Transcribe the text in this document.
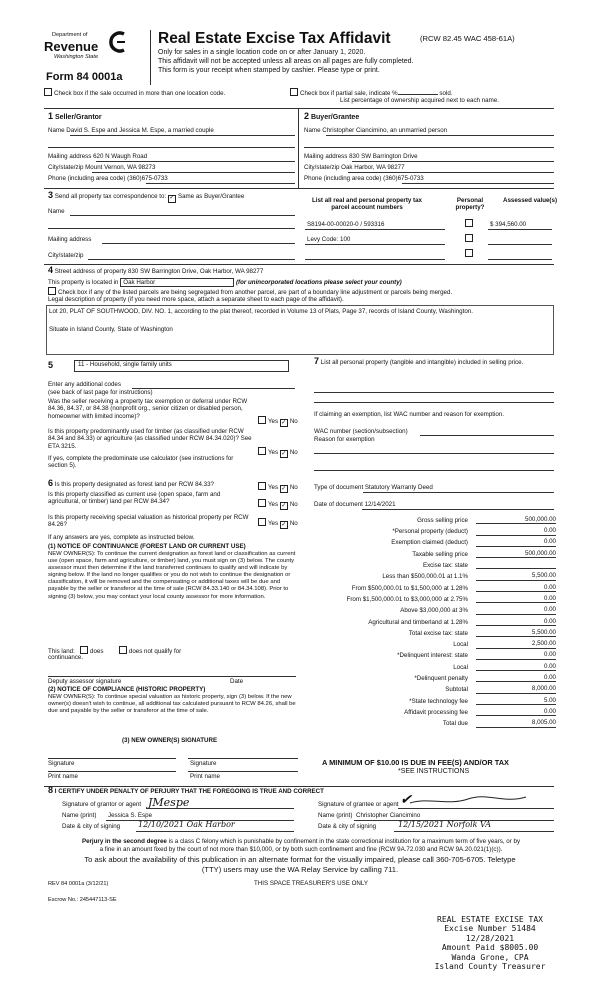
Department of
Revenue
Washington State
Form 84 0001a
Real Estate Excise Tax Affidavit	(RCW 82.45 WAC 458-61A)
Only for sales in a single location code on or after January 1, 2020.
This affidavit will not be accepted unless all areas on all pages are fully completed.
This form is your receipt when stamped by cashier. Please type or print.
Check box if the sale occurred in more than one location code.	Check box if partial sale, indicate %	sold.
List percentage of ownership acquired next to each name.
1 Seller/Grantor	2 Buyer/Grantee
Name David S. Espe and Jessica M. Espe, a married couple	Name Christopher Ciancimino, an unmarried person
Mailing address 620 N Waugh Road
City/state/zip Mount Vernon, WA 98273
Phone (including area code) (360)675-0733
Mailing address 830 SW Barrington Drive
City/state/zip Oak Harbor, WA 98277
Phone (including area code) (360)675-0733
3 Send all property tax correspondence to: ✓ Same as Buyer/Grantee
Name
Mailing address
City/state/zip
List all real and personal property tax parcel account numbers
Personal property?
Assessed value(s)
S8194-00-00020-0 / 593316	$ 394,560.00
Levy Code: 100
4 Street address of property 830 SW Barrington Drive, Oak Harbor, WA 98277
This property is located in Oak Harbor	(for unincorporated locations please select your county)
Check box if any of the listed parcels are being segregated from another parcel, are part of a boundary line adjustment or parcels being merged.
Legal description of property (if you need more space, attach a separate sheet to each page of the affidavit).
Lot 20, PLAT OF SOUTHWOOD, DIV. NO. 1, according to the plat thereof, recorded in Volume 13 of Plats, Page 37, records of Island County, Washington.
Situate in Island County, State of Washington
5	11 - Household, single family units
Enter any additional codes
(see back of last page for instructions)
Was the seller receiving a property tax exemption or deferral under RCW 84.36, 84.37, or 84.38 (nonprofit org., senior citizen or disabled person, homeowner with limited income)?
Yes ✓ No
Is this property predominantly used for timber (as classified under RCW 84.34 and 84.33) or agriculture (as classified under RCW 84.34.020)? See ETA 3215.
Yes ✓ No
If yes, complete the predominate use calculator (see instructions for section 5).
7 List all personal property (tangible and intangible) included in selling price.
If claiming an exemption, list WAC number and reason for exemption.
WAC number (section/subsection)
Reason for exemption
6 Is this property designated as forest land per RCW 84.33?	Yes ✓ No
Is this property classified as current use (open space, farm and agricultural, or timber) land per RCW 84.34?	Yes ✓ No
Is this property receiving special valuation as historical property per RCW 84.26?	Yes ✓ No
If any answers are yes, complete as instructed below.
(1) NOTICE OF CONTINUANCE (FOREST LAND OR CURRENT USE)
NEW OWNER(S): To continue the current designation as forest land or classification as current use (open space, farm and agriculture, or timber) land, you must sign on (3) below. The county assessor must then determine if the land transferred continues to qualify and will indicate by signing below. If the land no longer qualifies or you do not wish to continue the designation or classification, it will be removed and the compensating or additional taxes will be due and payable by the seller or transferor at the time of sale (RCW 84.33.140 or 84.34.108). Prior to signing (3) below, you may contact your local county assessor for more information.
This land: does	does not qualify for
continuance.
Deputy assessor signature	Date
(2) NOTICE OF COMPLIANCE (HISTORIC PROPERTY)
NEW OWNER(S): To continue special valuation as historic property, sign (3) below. If the new owner(s) doesn't wish to continue, all additional tax calculated pursuant to RCW 84.26, shall be due and payable by the seller or transferor at the time of sale.
(3) NEW OWNER(S) SIGNATURE
Signature	Signature
Print name	Print name
Type of document Statutory Warranty Deed
Date of document 12/14/2021
Gross selling price	500,000.00
*Personal property (deduct)	0.00
Exemption claimed (deduct)	0.00
Taxable selling price	500,000.00
Excise tax: state
Less than $500,000.01 at 1.1%	5,500.00
From $500,000.01 to $1,500,000 at 1.28%	0.00
From $1,500,000.01 to $3,000,000 at 2.75%	0.00
Above $3,000,000 at 3%	0.00
Agricultural and timberland at 1.28%	0.00
Total excise tax: state	5,500.00
Local	2,500.00
*Delinquent interest: state	0.00
Local	0.00
*Delinquent penalty	0.00
Subtotal	8,000.00
*State technology fee	5.00
Affidavit processing fee	0.00
Total due	8,005.00
A MINIMUM OF $10.00 IS DUE IN FEE(S) AND/OR TAX
*SEE INSTRUCTIONS
8 I CERTIFY UNDER PENALTY OF PERJURY THAT THE FOREGOING IS TRUE AND CORRECT
Signature of grantor or agent JMespe
Name (print) Jessica S. Espe
Date & city of signing 12/10/2021 Oak Harbor
Signature of grantee or agent ✔
Name (print) Christopher Ciancimino
Date & city of signing	12/15/2021 Norfolk VA
Perjury in the second degree is a class C felony which is punishable by confinement in the state correctional institution for a maximum term of five years, or by
a fine in an amount fixed by the court of not more than $10,000, or by both such confinement and fine (RCW 9A.72.030 and RCW 9A.20.021(1)(c)).
To ask about the availability of this publication in an alternate format for the visually impaired, please call 360-705-6705. Teletype
(TTY) users may use the WA Relay Service by calling 711.
REV 84 0001a (3/12/21)	THIS SPACE TREASURER'S USE ONLY
Escrow No.: 245447113-SE
REAL ESTATE EXCISE TAX
Excise Number 51484
12/28/2021
Amount Paid $8005.00
Wanda Grone, CPA
Island County Treasurer
